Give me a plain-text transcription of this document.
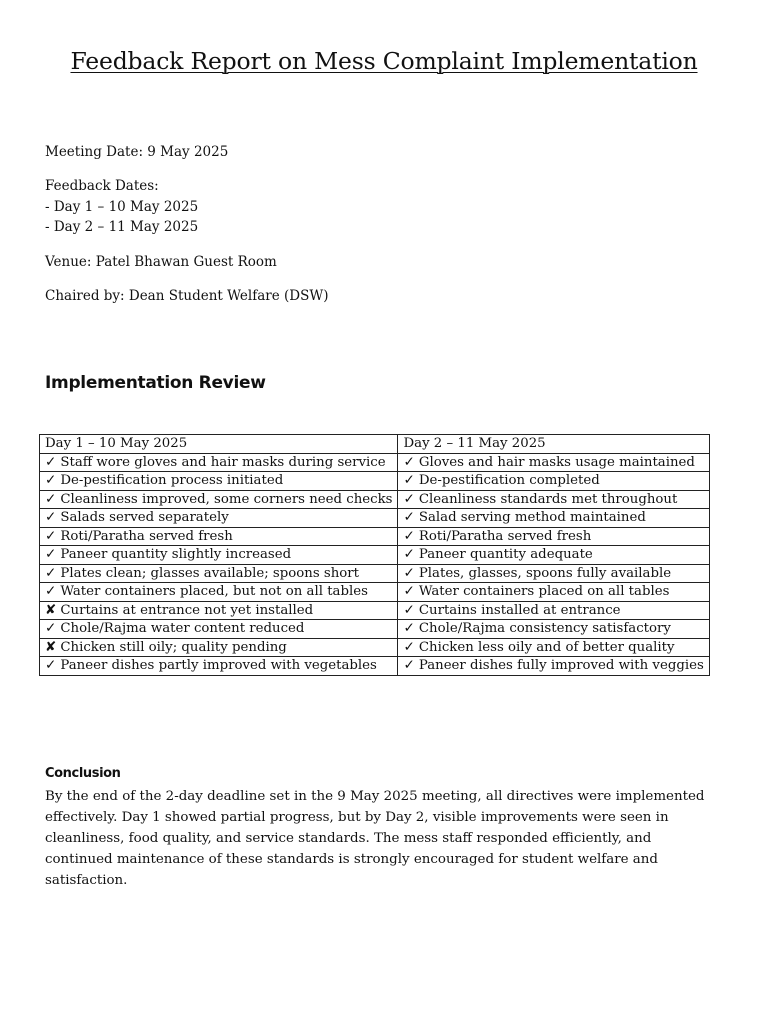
Feedback Report on Mess Complaint Implementation
Meeting Date: 9 May 2025
Feedback Dates:
- Day 1 – 10 May 2025
- Day 2 – 11 May 2025
Venue: Patel Bhawan Guest Room
Chaired by: Dean Student Welfare (DSW)
Implementation Review
Day 1 – 10 May 2025	Day 2 – 11 May 2025
✓ Staff wore gloves and hair masks during service	✓ Gloves and hair masks usage maintained
✓ De-pestification process initiated	✓ De-pestification completed
✓ Cleanliness improved, some corners need checks	✓ Cleanliness standards met throughout
✓ Salads served separately	✓ Salad serving method maintained
✓ Roti/Paratha served fresh	✓ Roti/Paratha served fresh
✓ Paneer quantity slightly increased	✓ Paneer quantity adequate
✓ Plates clean; glasses available; spoons short	✓ Plates, glasses, spoons fully available
✓ Water containers placed, but not on all tables	✓ Water containers placed on all tables
✘ Curtains at entrance not yet installed	✓ Curtains installed at entrance
✓ Chole/Rajma water content reduced	✓ Chole/Rajma consistency satisfactory
✘ Chicken still oily; quality pending	✓ Chicken less oily and of better quality
✓ Paneer dishes partly improved with vegetables	✓ Paneer dishes fully improved with veggies
Conclusion
By the end of the 2-day deadline set in the 9 May 2025 meeting, all directives were implemented effectively. Day 1 showed partial progress, but by Day 2, visible improvements were seen in cleanliness, food quality, and service standards. The mess staff responded efficiently, and continued maintenance of these standards is strongly encouraged for student welfare and satisfaction.
